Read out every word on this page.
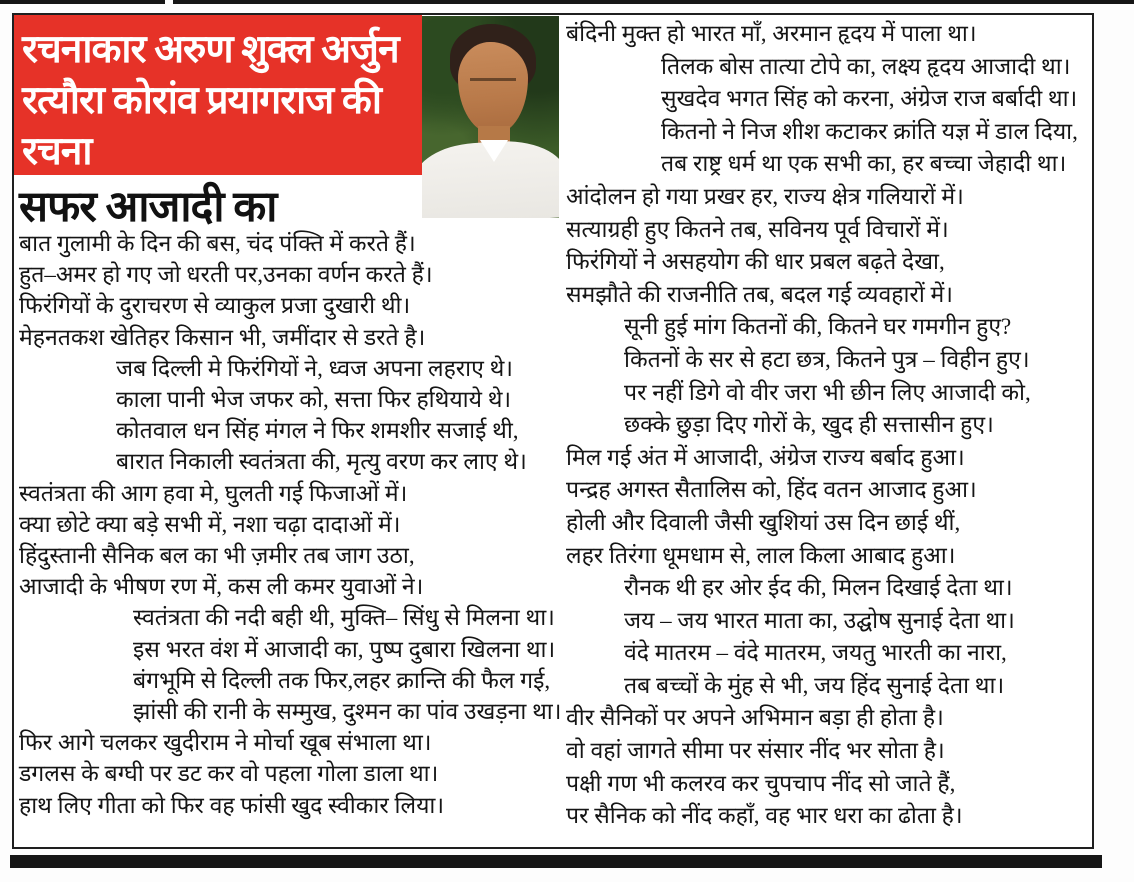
रचनाकार अरुण शुक्ल अर्जुन
रत्यौरा कोरांव प्रयागराज की
रचना
सफर आजादी का
बात गुलामी के दिन की बस, चंद पंक्ति में करते हैं।
हुत–अमर हो गए जो धरती पर,उनका वर्णन करते हैं।
फिरंगियों के दुराचरण से व्याकुल प्रजा दुखारी थी।
मेहनतकश खेतिहर किसान भी, जमींदार से डरते है।
जब दिल्ली मे फिरंगियों ने, ध्वज अपना लहराए थे।
काला पानी भेज जफर को, सत्ता फिर हथियाये थे।
कोतवाल धन सिंह मंगल ने फिर शमशीर सजाई थी,
बारात निकाली स्वतंत्रता की, मृत्यु वरण कर लाए थे।
स्वतंत्रता की आग हवा मे, घुलती गई फिजाओं में।
क्या छोटे क्या बड़े सभी में, नशा चढ़ा दादाओं में।
हिंदुस्तानी सैनिक बल का भी ज़मीर तब जाग उठा,
आजादी के भीषण रण में, कस ली कमर युवाओं ने।
स्वतंत्रता की नदी बही थी, मुक्ति– सिंधु से मिलना था।
इस भरत वंश में आजादी का, पुष्प दुबारा खिलना था।
बंगभूमि से दिल्ली तक फिर,लहर क्रान्ति की फैल गई,
झांसी की रानी के सम्मुख, दुश्मन का पांव उखड़ना था।
फिर आगे चलकर खुदीराम ने मोर्चा खूब संभाला था।
डगलस के बग्घी पर डट कर वो पहला गोला डाला था।
हाथ लिए गीता को फिर वह फांसी खुद स्वीकार लिया।
बंदिनी मुक्त हो भारत माँ, अरमान हृदय में पाला था।
तिलक बोस तात्या टोपे का, लक्ष्य हृदय आजादी था।
सुखदेव भगत सिंह को करना, अंग्रेज राज बर्बादी था।
कितनो ने निज शीश कटाकर क्रांति यज्ञ में डाल दिया,
तब राष्ट्र धर्म था एक सभी का, हर बच्चा जेहादी था।
आंदोलन हो गया प्रखर हर, राज्य क्षेत्र गलियारों में।
सत्याग्रही हुए कितने तब, सविनय पूर्व विचारों में।
फिरंगियों ने असहयोग की धार प्रबल बढ़ते देखा,
समझौते की राजनीति तब, बदल गई व्यवहारों में।
सूनी हुई मांग कितनों की, कितने घर गमगीन हुए?
कितनों के सर से हटा छत्र, कितने पुत्र – विहीन हुए।
पर नहीं डिगे वो वीर जरा भी छीन लिए आजादी को,
छक्के छुड़ा दिए गोरों के, खुद ही सत्तासीन हुए।
मिल गई अंत में आजादी, अंग्रेज राज्य बर्बाद हुआ।
पन्द्रह अगस्त सैतालिस को, हिंद वतन आजाद हुआ।
होली और दिवाली जैसी खुशियां उस दिन छाई थीं,
लहर तिरंगा धूमधाम से, लाल किला आबाद हुआ।
रौनक थी हर ओर ईद की, मिलन दिखाई देता था।
जय – जय भारत माता का, उद्घोष सुनाई देता था।
वंदे मातरम – वंदे मातरम, जयतु भारती का नारा,
तब बच्चों के मुंह से भी, जय हिंद सुनाई देता था।
वीर सैनिकों पर अपने अभिमान बड़ा ही होता है।
वो वहां जागते सीमा पर संसार नींद भर सोता है।
पक्षी गण भी कलरव कर चुपचाप नींद सो जाते हैं,
पर सैनिक को नींद कहाँ, वह भार धरा का ढोता है।
